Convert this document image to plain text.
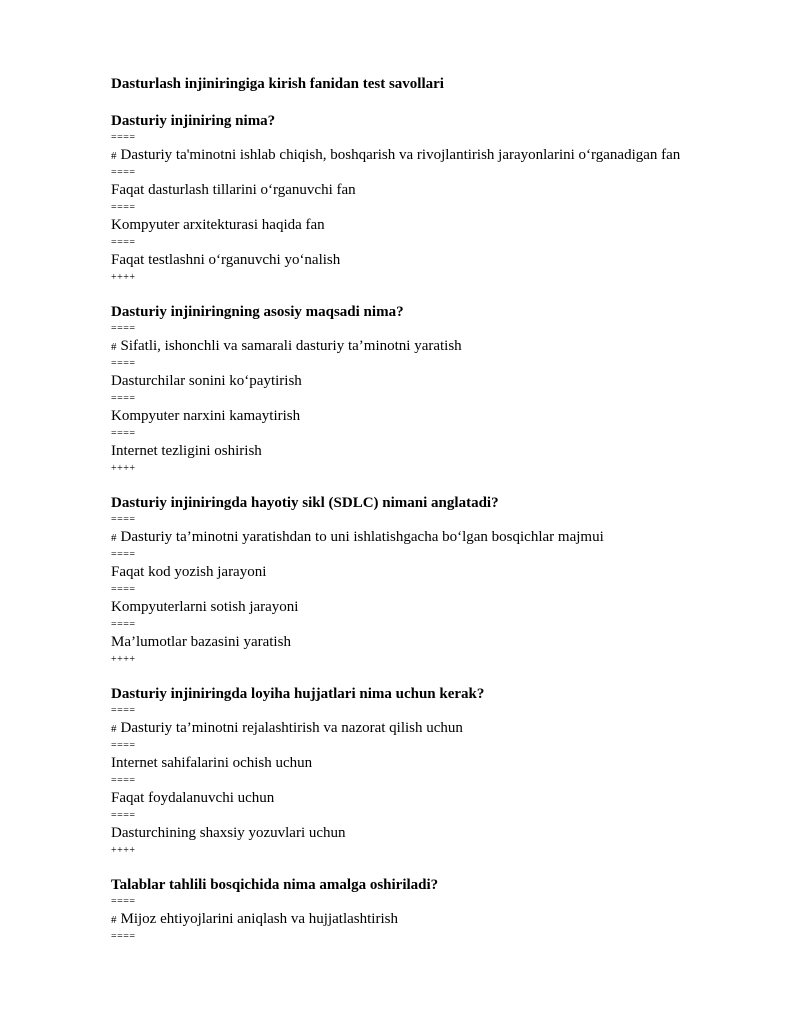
Dasturlash injiniringiga kirish fanidan test savollari
Dasturiy injiniring nima?
====
# Dasturiy ta'minotni ishlab chiqish, boshqarish va rivojlantirish jarayonlarini o‘rganadigan fan
====
Faqat dasturlash tillarini o‘rganuvchi fan
====
Kompyuter arxitekturasi haqida fan
====
Faqat testlashni o‘rganuvchi yo‘nalish
++++
Dasturiy injiniringning asosiy maqsadi nima?
====
# Sifatli, ishonchli va samarali dasturiy ta’minotni yaratish
====
Dasturchilar sonini ko‘paytirish
====
Kompyuter narxini kamaytirish
====
Internet tezligini oshirish
++++
Dasturiy injiniringda hayotiy sikl (SDLC) nimani anglatadi?
====
# Dasturiy ta’minotni yaratishdan to uni ishlatishgacha bo‘lgan bosqichlar majmui
====
Faqat kod yozish jarayoni
====
Kompyuterlarni sotish jarayoni
====
Ma’lumotlar bazasini yaratish
++++
Dasturiy injiniringda loyiha hujjatlari nima uchun kerak?
====
# Dasturiy ta’minotni rejalashtirish va nazorat qilish uchun
====
Internet sahifalarini ochish uchun
====
Faqat foydalanuvchi uchun
====
Dasturchining shaxsiy yozuvlari uchun
++++
Talablar tahlili bosqichida nima amalga oshiriladi?
====
# Mijoz ehtiyojlarini aniqlash va hujjatlashtirish
====
